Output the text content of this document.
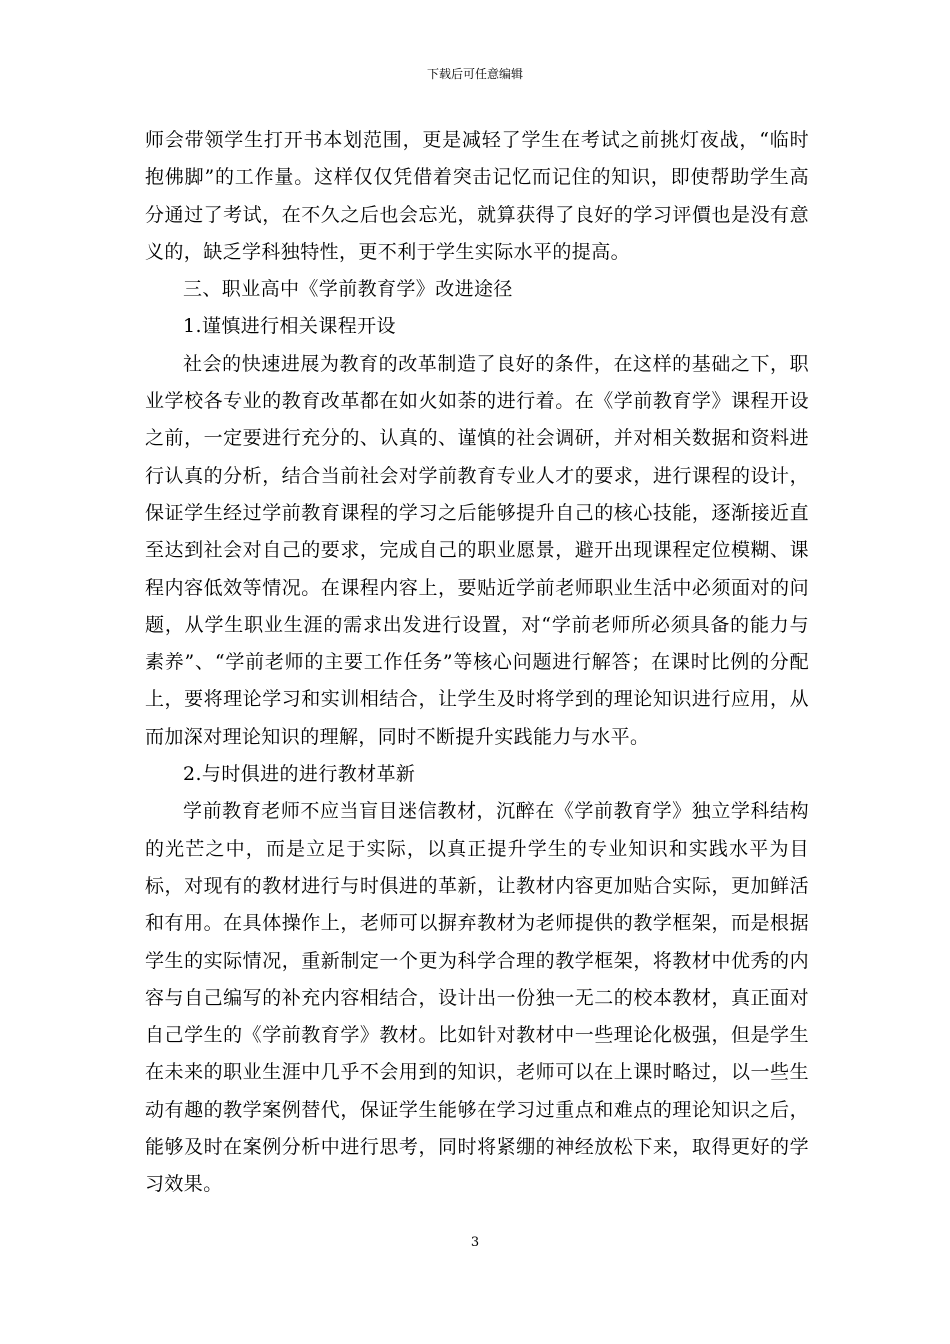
下载后可任意编辑

师会带领学生打开书本划范围，更是减轻了学生在考试之前挑灯夜战，“临时抱佛脚”的工作量。这样仅仅凭借着突击记忆而记住的知识，即使帮助学生高分通过了考试，在不久之后也会忘光，就算获得了良好的学习评價也是没有意义的，缺乏学科独特性，更不利于学生实际水平的提高。

三、职业高中《学前教育学》改进途径

1.谨慎进行相关课程开设

社会的快速进展为教育的改革制造了良好的条件，在这样的基础之下，职业学校各专业的教育改革都在如火如荼的进行着。在《学前教育学》课程开设之前，一定要进行充分的、认真的、谨慎的社会调研，并对相关数据和资料进行认真的分析，结合当前社会对学前教育专业人才的要求，进行课程的设计，保证学生经过学前教育课程的学习之后能够提升自己的核心技能，逐渐接近直至达到社会对自己的要求，完成自己的职业愿景，避开出现课程定位模糊、课程内容低效等情况。在课程内容上，要贴近学前老师职业生活中必须面对的问题，从学生职业生涯的需求出发进行设置，对“学前老师所必须具备的能力与素养”、“学前老师的主要工作任务”等核心问题进行解答；在课时比例的分配上，要将理论学习和实训相结合，让学生及时将学到的理论知识进行应用，从而加深对理论知识的理解，同时不断提升实践能力与水平。

2.与时俱进的进行教材革新

学前教育老师不应当盲目迷信教材，沉醉在《学前教育学》独立学科结构的光芒之中，而是立足于实际，以真正提升学生的专业知识和实践水平为目标，对现有的教材进行与时俱进的革新，让教材内容更加贴合实际，更加鲜活和有用。在具体操作上，老师可以摒弃教材为老师提供的教学框架，而是根据学生的实际情况，重新制定一个更为科学合理的教学框架，将教材中优秀的内容与自己编写的补充内容相结合，设计出一份独一无二的校本教材，真正面对自己学生的《学前教育学》教材。比如针对教材中一些理论化极强，但是学生在未来的职业生涯中几乎不会用到的知识，老师可以在上课时略过，以一些生动有趣的教学案例替代，保证学生能够在学习过重点和难点的理论知识之后，能够及时在案例分析中进行思考，同时将紧绷的神经放松下来，取得更好的学习效果。

3
